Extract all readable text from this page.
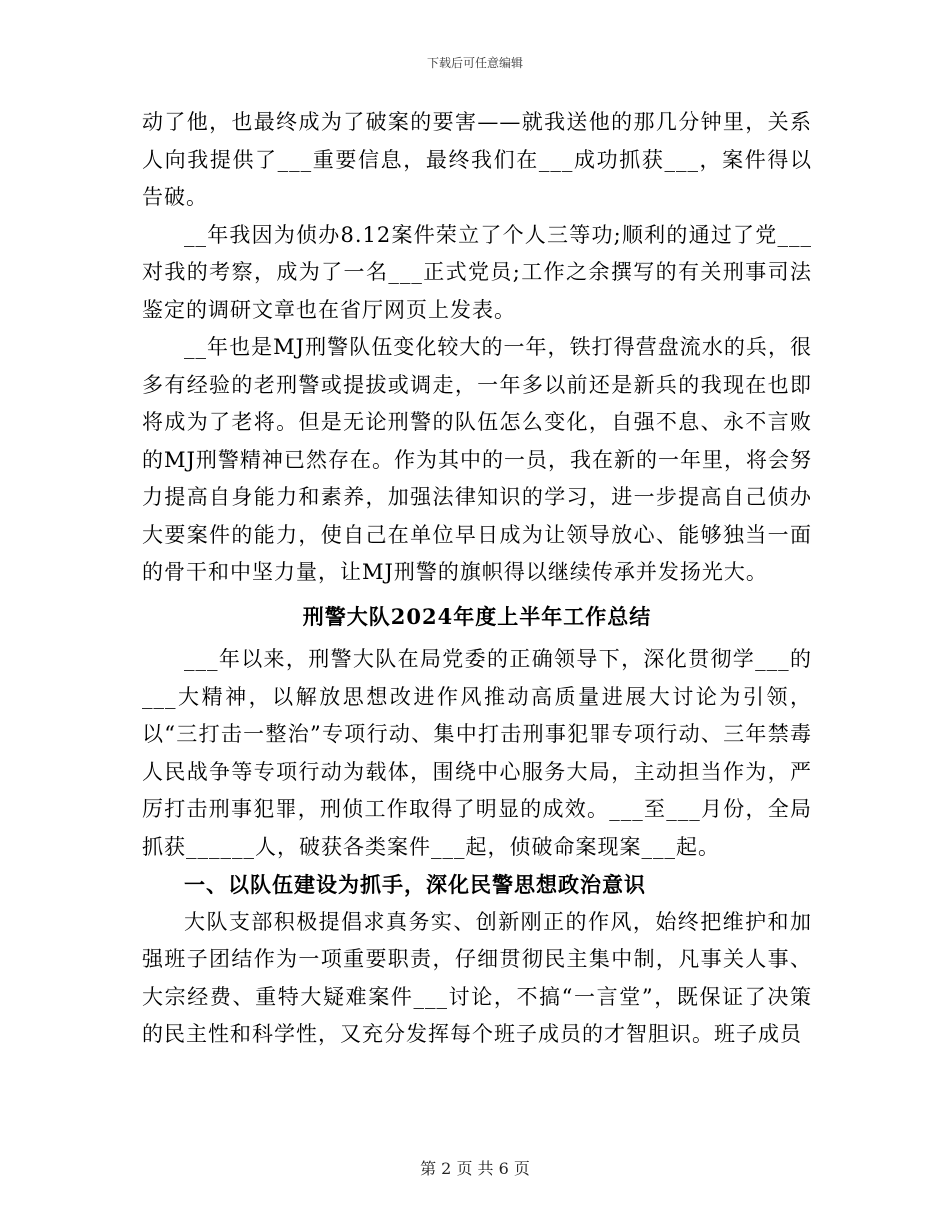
下载后可任意编辑

动了他，也最终成为了破案的要害——就我送他的那几分钟里，关系人向我提供了___重要信息，最终我们在___成功抓获___，案件得以告破。

__年我因为侦办8.12案件荣立了个人三等功;顺利的通过了党___对我的考察，成为了一名___正式党员;工作之余撰写的有关刑事司法鉴定的调研文章也在省厅网页上发表。

__年也是MJ刑警队伍变化较大的一年，铁打得营盘流水的兵，很多有经验的老刑警或提拔或调走，一年多以前还是新兵的我现在也即将成为了老将。但是无论刑警的队伍怎么变化，自强不息、永不言败的MJ刑警精神已然存在。作为其中的一员，我在新的一年里，将会努力提高自身能力和素养，加强法律知识的学习，进一步提高自己侦办大要案件的能力，使自己在单位早日成为让领导放心、能够独当一面的骨干和中坚力量，让MJ刑警的旗帜得以继续传承并发扬光大。

刑警大队2024年度上半年工作总结

___年以来，刑警大队在局党委的正确领导下，深化贯彻学___的___大精神，以解放思想改进作风推动高质量进展大讨论为引领，以“三打击一整治”专项行动、集中打击刑事犯罪专项行动、三年禁毒人民战争等专项行动为载体，围绕中心服务大局，主动担当作为，严厉打击刑事犯罪，刑侦工作取得了明显的成效。___至___月份，全局抓获______人，破获各类案件___起，侦破命案现案___起。

一、以队伍建设为抓手，深化民警思想政治意识

大队支部积极提倡求真务实、创新刚正的作风，始终把维护和加强班子团结作为一项重要职责，仔细贯彻民主集中制，凡事关人事、大宗经费、重特大疑难案件___讨论，不搞“一言堂”，既保证了决策的民主性和科学性，又充分发挥每个班子成员的才智胆识。班子成员

第 2 页 共 6 页
